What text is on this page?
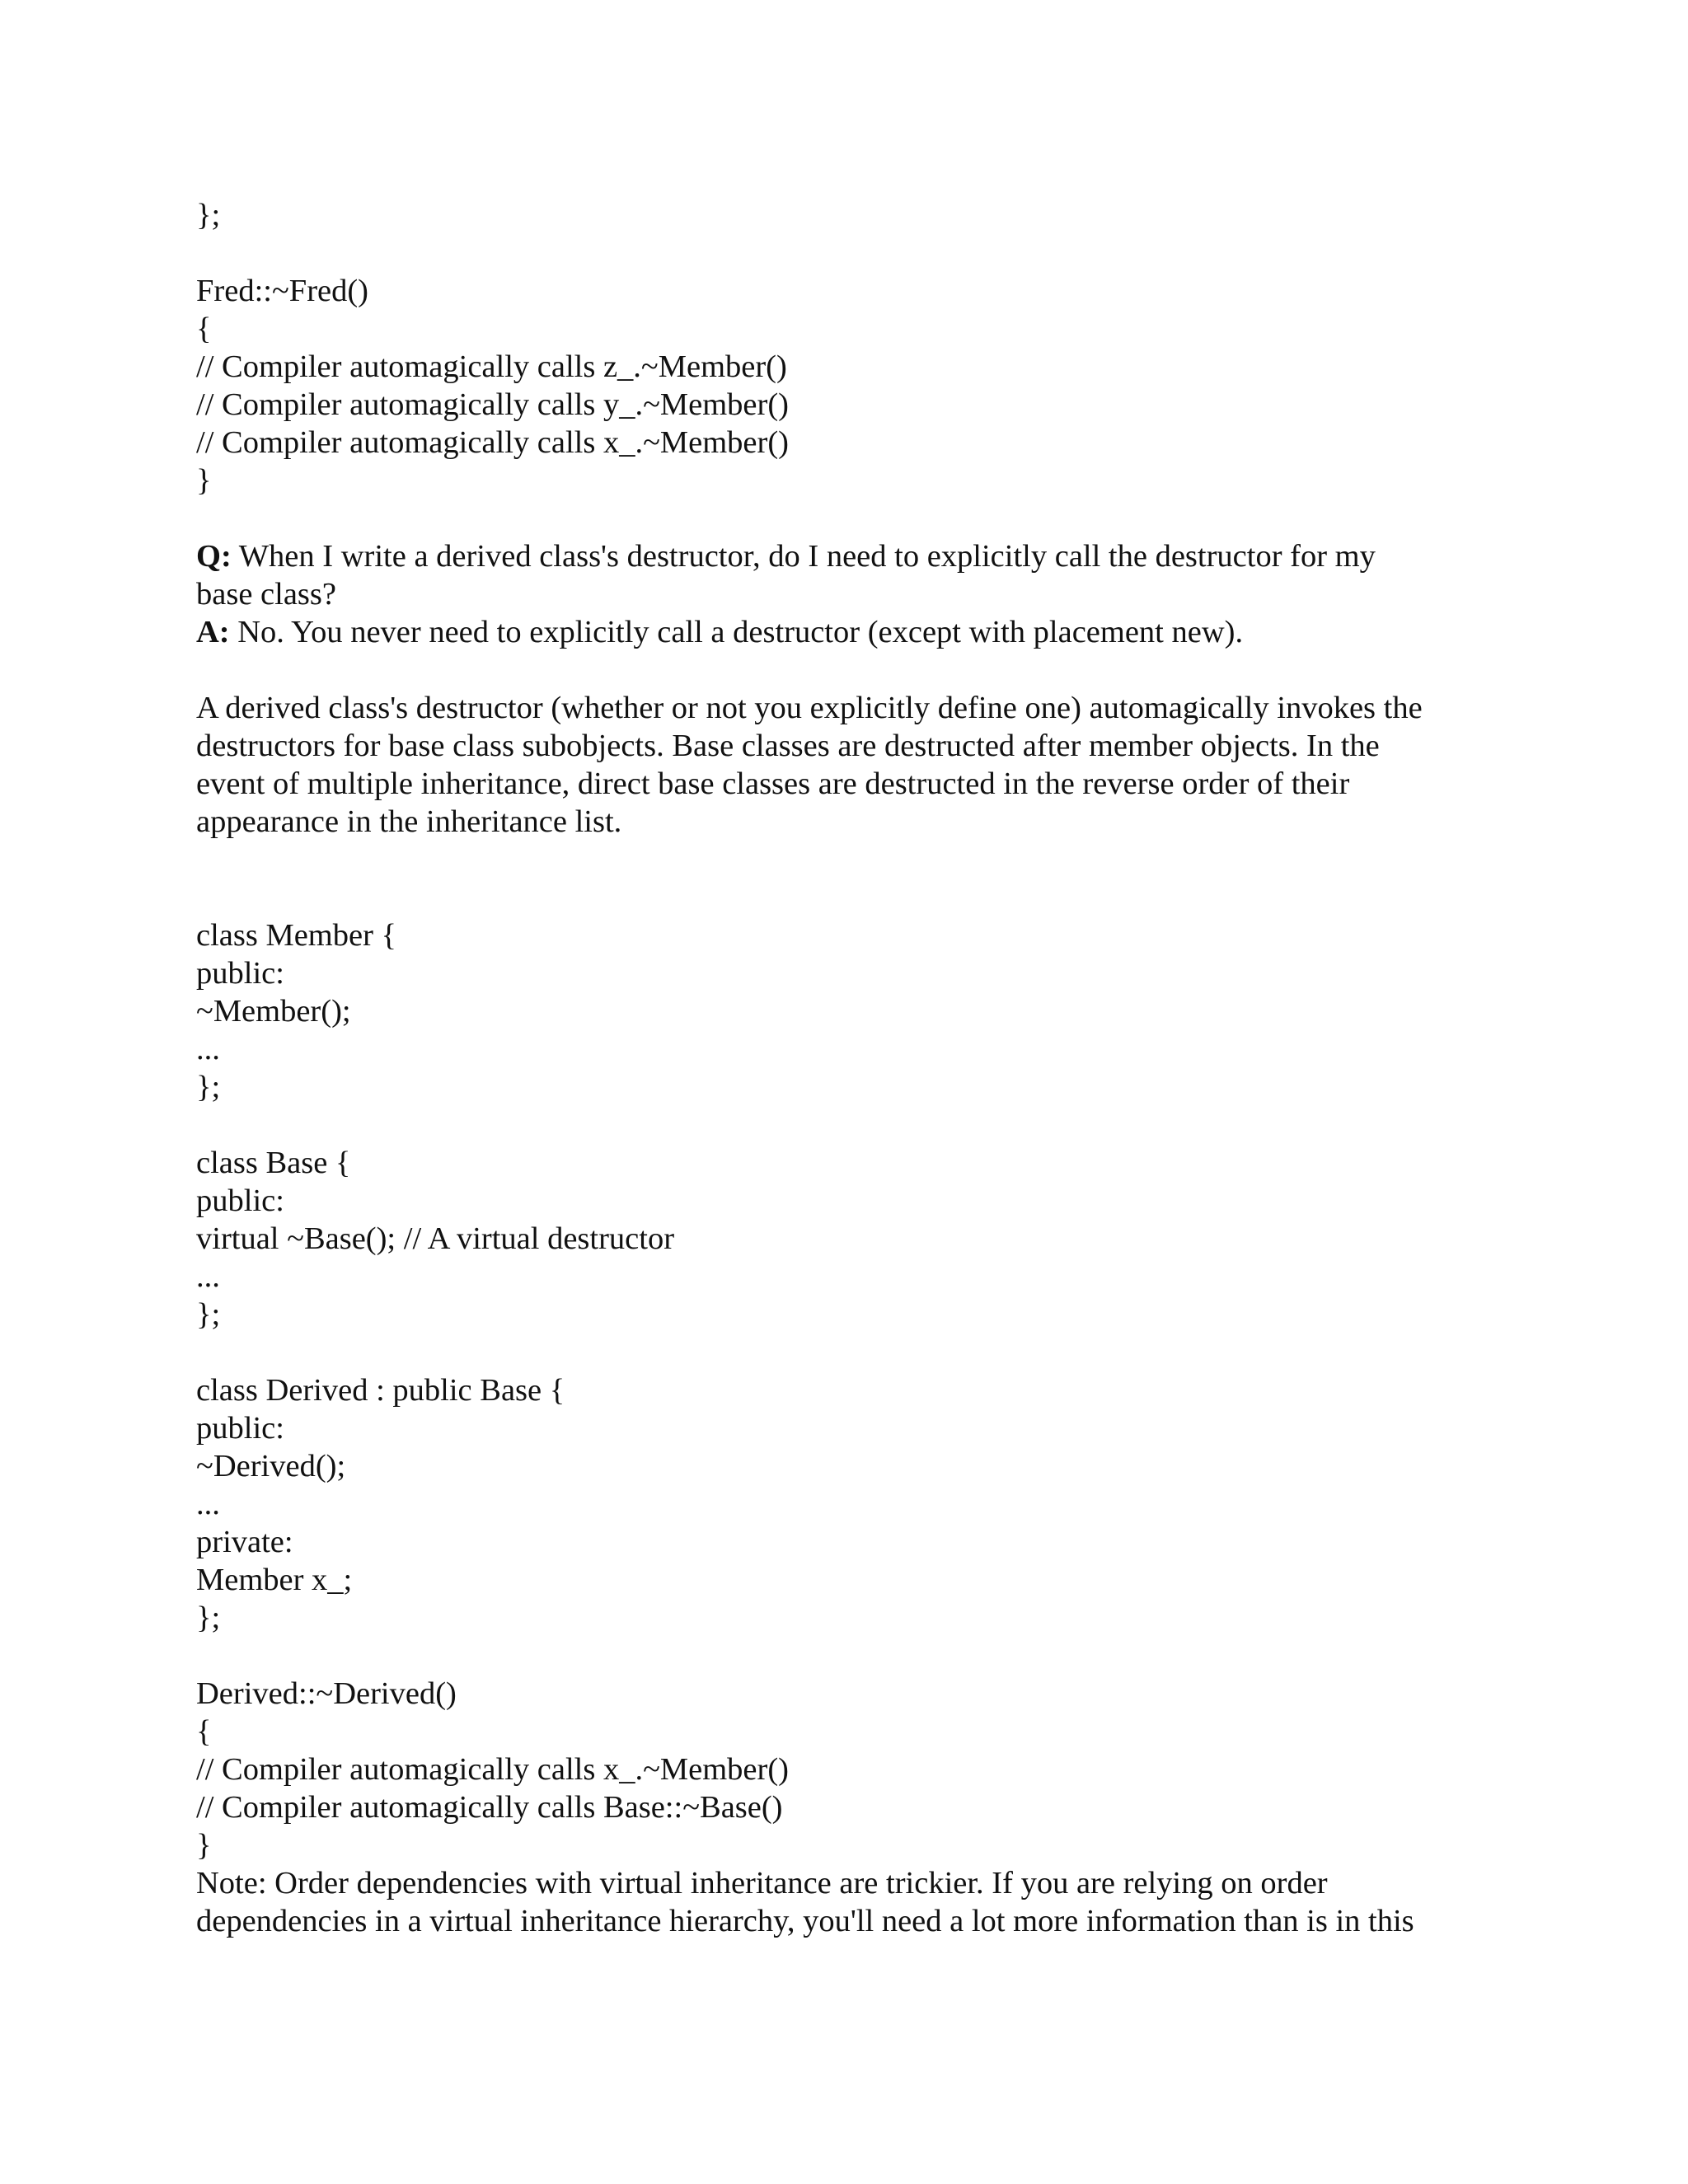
};
Fred::~Fred()
{
// Compiler automagically calls z_.~Member()
// Compiler automagically calls y_.~Member()
// Compiler automagically calls x_.~Member()
}
Q: When I write a derived class's destructor, do I need to explicitly call the destructor for my
base class?
A: No. You never need to explicitly call a destructor (except with placement new).
A derived class's destructor (whether or not you explicitly define one) automagically invokes the
destructors for base class subobjects. Base classes are destructed after member objects. In the
event of multiple inheritance, direct base classes are destructed in the reverse order of their
appearance in the inheritance list.
class Member {
public:
~Member();
...
};
class Base {
public:
virtual ~Base(); // A virtual destructor
...
};
class Derived : public Base {
public:
~Derived();
...
private:
Member x_;
};
Derived::~Derived()
{
// Compiler automagically calls x_.~Member()
// Compiler automagically calls Base::~Base()
}
Note: Order dependencies with virtual inheritance are trickier. If you are relying on order
dependencies in a virtual inheritance hierarchy, you'll need a lot more information than is in this
